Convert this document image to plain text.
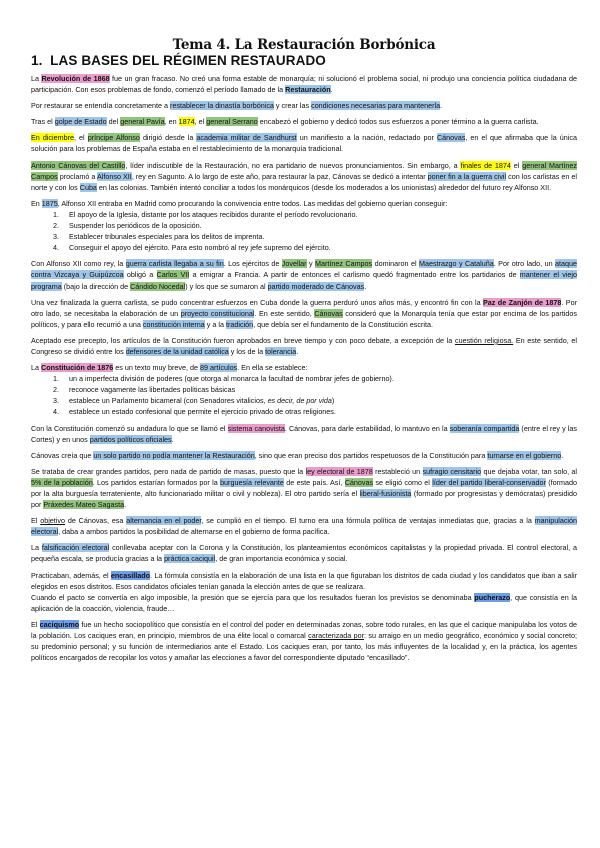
Tema 4. La Restauración Borbónica
1. LAS BASES DEL RÉGIMEN RESTAURADO

La Revolución de 1868 fue un gran fracaso. No creó una forma estable de monarquía; ni solucionó el problema social, ni produjo una conciencia política ciudadana de participación. Con esos problemas de fondo, comenzó el período llamado de la Restauración.

Por restaurar se entendía concretamente a restablecer la dinastía borbónica y crear las condiciones necesarias para mantenerla.

Tras el golpe de Estado del general Pavía, en 1874, el general Serrano encabezó el gobierno y dedicó todos sus esfuerzos a poner término a la guerra carlista.

En diciembre, el príncipe Alfonso dirigió desde la academia militar de Sandhurst un manifiesto a la nación, redactado por Cánovas, en el que afirmaba que la única solución para los problemas de España estaba en el restablecimiento de la monarquía tradicional.

Antonio Cánovas del Castillo, líder indiscutible de la Restauración, no era partidario de nuevos pronunciamientos. Sin embargo, a finales de 1874 el general Martínez Campos proclamó a Alfonso XII, rey en Sagunto. A lo largo de este año, para restaurar la paz, Cánovas se dedicó a intentar poner fin a la guerra civil con los carlistas en el norte y con los Cuba en las colonias. También intentó conciliar a todos los monárquicos (desde los moderados a los unionistas) alrededor del futuro rey Alfonso XII.

En 1875, Alfonso XII entraba en Madrid como procurando la convivencia entre todos. Las medidas del gobierno querían conseguir:

1. El apoyo de la Iglesia, distante por los ataques recibidos durante el período revolucionario.
2. Suspender los periódicos de la oposición.
3. Establecer tribunales especiales para los delitos de imprenta.
4. Conseguir el apoyo del ejército. Para esto nombró al rey jefe supremo del ejército.

Con Alfonso XII como rey, la guerra carlista llegaba a su fin. Los ejércitos de Jovellar y Martínez Campos dominaron el Maestrazgo y Cataluña. Por otro lado, un ataque contra Vizcaya y Guipúzcoa obligó a Carlos VII a emigrar a Francia. A partir de entonces el carlismo quedó fragmentado entre los partidarios de mantener el viejo programa (bajo la dirección de Cándido Nocedal) y los que se sumaron al partido moderado de Cánovas.

Una vez finalizada la guerra carlista, se pudo concentrar esfuerzos en Cuba donde la guerra perduró unos años más, y encontró fin con la Paz de Zanjón de 1878. Por otro lado, se necesitaba la elaboración de un proyecto constitucional. En este sentido, Cánovas consideró que la Monarquía tenía que estar por encima de los partidos políticos, y para ello recurrió a una constitución interna y a la tradición, que debía ser el fundamento de la Constitución escrita.

Aceptado ese precepto, los artículos de la Constitución fueron aprobados en breve tiempo y con poco debate, a excepción de la cuestión religiosa. En este sentido, el Congreso se dividió entre los defensores de la unidad católica y los de la tolerancia.

La Constitución de 1876 es un texto muy breve, de 89 artículos. En ella se establece:

1. un a imperfecta división de poderes (que otorga al monarca la facultad de nombrar jefes de gobierno).
2. reconoce vagamente las libertades políticas básicas
3. establece un Parlamento bicameral (con Senadores vitalicios, es decir, de por vida)
4. establece un estado confesional que permite el ejercicio privado de otras religiones.

Con la Constitución comenzó su andadura lo que se llamó el sistema canovista. Cánovas, para darle estabilidad, lo mantuvo en la soberanía compartida (entre el rey y las Cortes) y en unos partidos políticos oficiales.

Cánovas creía que un solo partido no podía mantener la Restauración, sino que eran preciso dos partidos respetuosos de la Constitución para turnarse en el gobierno.

Se trataba de crear grandes partidos, pero nada de partido de masas, puesto que la ley electoral de 1878 restableció un sufragio censitario que dejaba votar, tan solo, al 5% de la población. Los partidos estarían formados por la burguesía relevante de este país. Así, Cánovas se eligió como el líder del partido liberal-conservador (formado por la alta burguesía terrateniente, alto funcionariado militar o civil y nobleza). El otro partido sería el liberal-fusionista (formado por progresistas y demócratas) presidido por Práxedes Mateo Sagasta.

El objetivo de Cánovas, esa alternancia en el poder, se cumplió en el tiempo. El turno era una fórmula política de ventajas inmediatas que, gracias a la manipulación electoral, daba a ambos partidos la posibilidad de alternarse en el gobierno de forma pacífica.

La falsificación electoral conllevaba aceptar con la Corona y la Constitución, los planteamientos económicos capitalistas y la propiedad privada. El control electoral, a pequeña escala, se producía gracias a la práctica caciquil, de gran importancia económica y social.

Practicaban, además, el encasillado. La fórmula consistía en la elaboración de una lista en la que figuraban los distritos de cada ciudad y los candidatos que iban a salir elegidos en esos distritos. Esos candidatos oficiales tenían ganada la elección antes de que se realizara.

Cuando el pacto se convertía en algo imposible, la presión que se ejercía para que los resultados fueran los previstos se denominaba pucherazo, que consistía en la aplicación de la coacción, violencia, fraude…

El caciquismo fue un hecho sociopolítico que consistía en el control del poder en determinadas zonas, sobre todo rurales, en las que el cacique manipulaba los votos de la población. Los caciques eran, en principio, miembros de una élite local o comarcal caracterizada por: su arraigo en un medio geográfico, económico y social concreto; su predominio personal; y su función de intermediarios ante el Estado. Los caciques eran, por tanto, los más influyentes de la localidad y, en la práctica, los agentes políticos encargados de recopilar los votos y amañar las elecciones a favor del correspondiente diputado “encasillado”.
